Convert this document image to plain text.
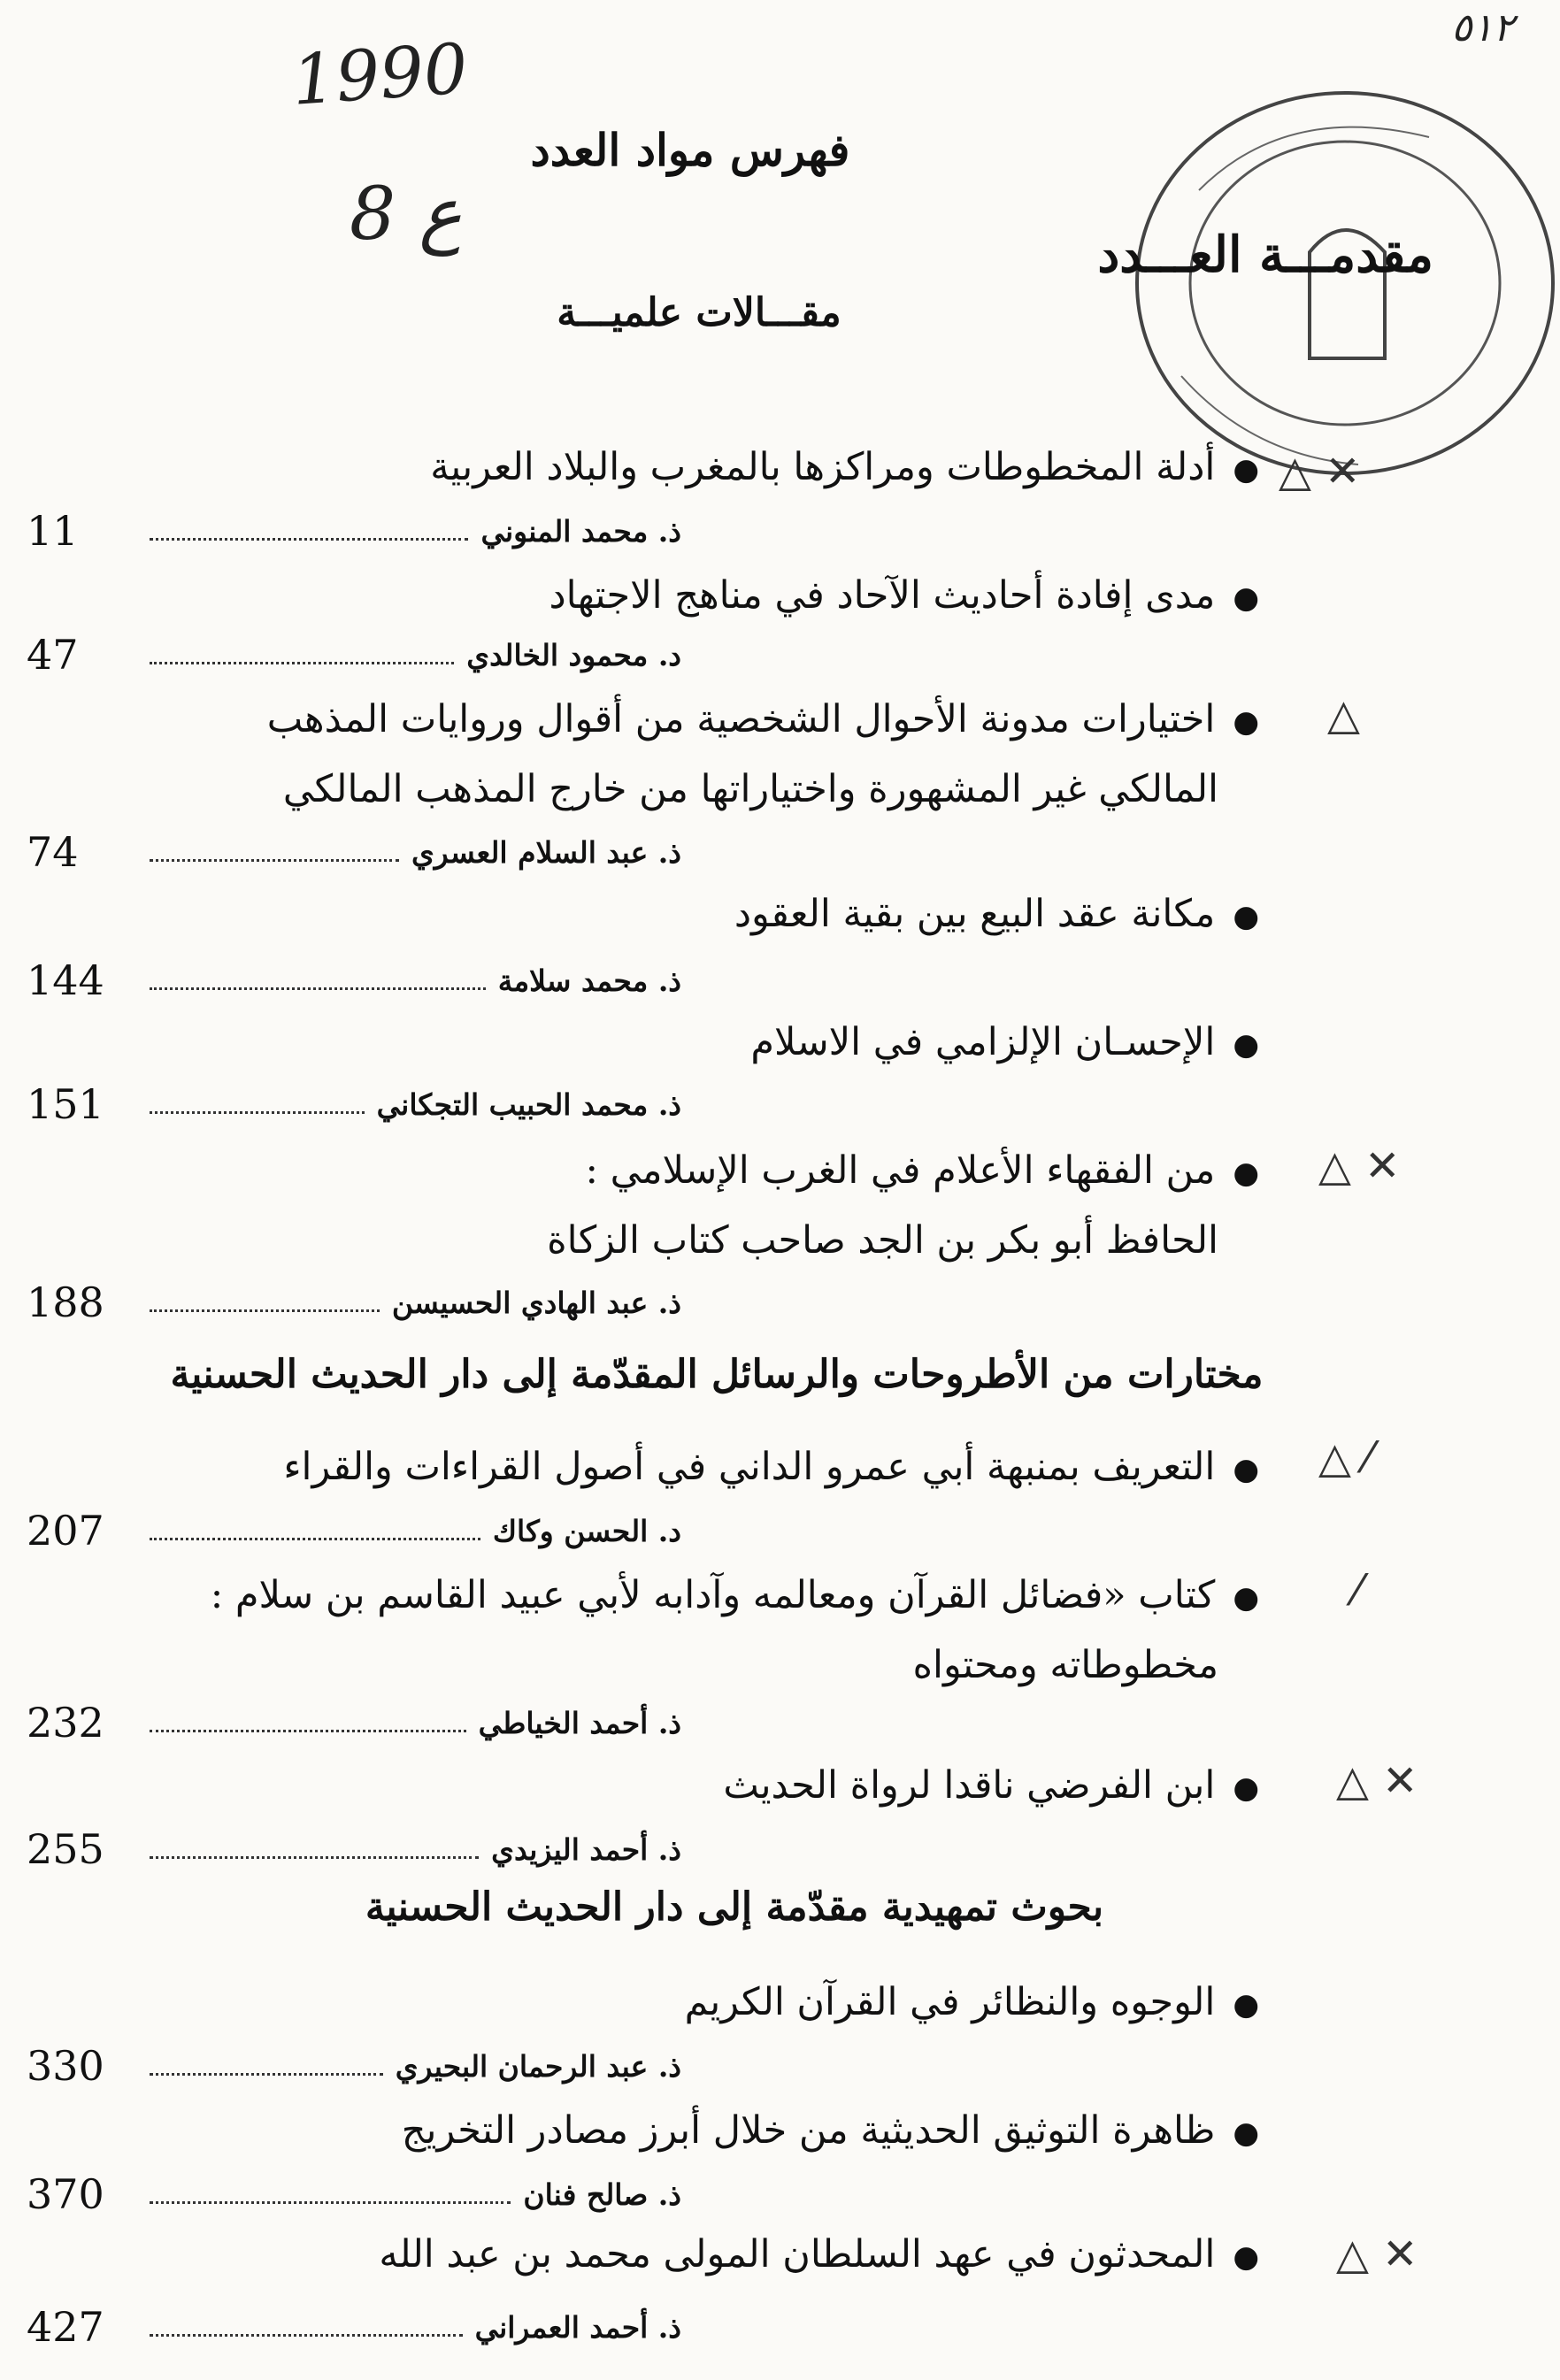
1990
8 ع
٥١٢
فهرس مواد العدد
مقدمـــة العـــدد
مقـــالات علميـــة
●أدلة المخطوطات ومراكزها بالمغرب والبلاد العربية	△ ✕
11	ذ. محمد المنوني
●مدى إفادة أحاديث الآحاد في مناهج الاجتهاد
47	د. محمود الخالدي
●اختيارات مدونة الأحوال الشخصية من أقوال وروايات المذهب
المالكي غير المشهورة واختياراتها من خارج المذهب المالكي
△
74	ذ. عبد السلام العسري
●مكانة عقد البيع بين بقية العقود
144	ذ. محمد سلامة
●الإحسـان الإلزامي في الاسلام
151	ذ. محمد الحبيب التجكاني
●من الفقهاء الأعلام في الغرب الإسلامي :
الحافظ أبو بكر بن الجد صاحب كتاب الزكاة
△ ✕
188	ذ. عبد الهادي الحسيسن
مختارات من الأطروحات والرسائل المقدّمة إلى دار الحديث الحسنية
●التعريف بمنبهة أبي عمرو الداني في أصول القراءات والقراء	△ ⁄
207	د. الحسن وكاك
●كتاب «فضائل القرآن ومعالمه وآدابه لأبي عبيد القاسم بن سلام :
مخطوطاته ومحتواه
⁄
232	ذ. أحمد الخياطي
●ابن الفرضي ناقدا لرواة الحديث	△ ✕
255	ذ. أحمد اليزيدي
بحوث تمهيدية مقدّمة إلى دار الحديث الحسنية
●الوجوه والنظائر في القرآن الكريم
330	ذ. عبد الرحمان البحيري
●ظاهرة التوثيق الحديثية من خلال أبرز مصادر التخريج
370	ذ. صالح فنان
●المحدثون في عهد السلطان المولى محمد بن عبد الله	△ ✕
427	ذ. أحمد العمراني
